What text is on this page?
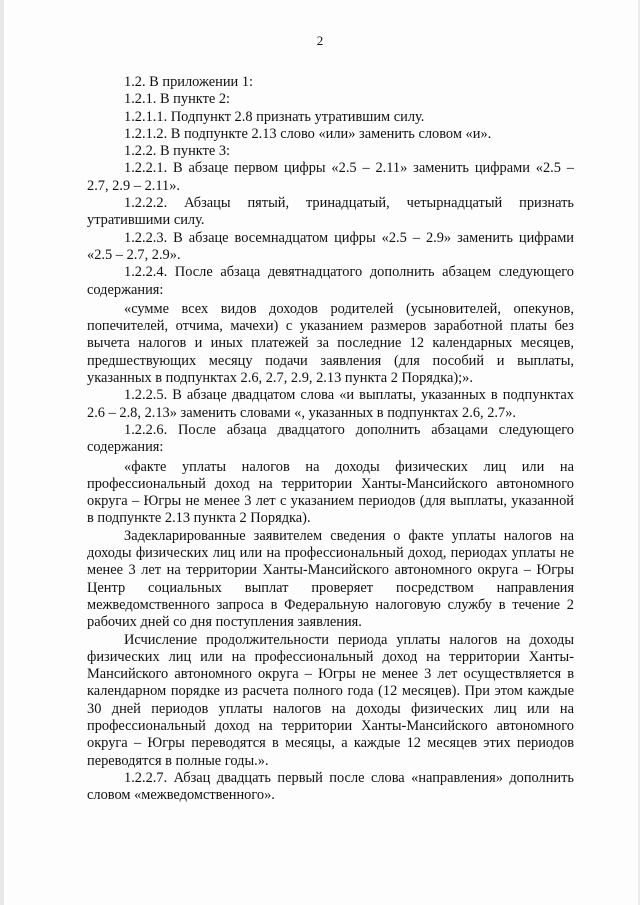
2

1.2. В приложении 1:

1.2.1. В пункте 2:

1.2.1.1. Подпункт 2.8 признать утратившим силу.

1.2.1.2. В подпункте 2.13 слово «или» заменить словом «и».

1.2.2. В пункте 3:

1.2.2.1. В абзаце первом цифры «2.5 – 2.11» заменить цифрами «2.5 – 2.7, 2.9 – 2.11».

1.2.2.2. Абзацы пятый, тринадцатый, четырнадцатый признать утратившими силу.

1.2.2.3. В абзаце восемнадцатом цифры «2.5 – 2.9» заменить цифрами «2.5 – 2.7, 2.9».

1.2.2.4. После абзаца девятнадцатого дополнить абзацем следующего содержания:

«сумме всех видов доходов родителей (усыновителей, опекунов, попечителей, отчима, мачехи) с указанием размеров заработной платы без вычета налогов и иных платежей за последние 12 календарных месяцев, предшествующих месяцу подачи заявления (для пособий и выплаты, указанных в подпунктах 2.6, 2.7, 2.9, 2.13 пункта 2 Порядка);».

1.2.2.5. В абзаце двадцатом слова «и выплаты, указанных в подпунктах 2.6 – 2.8, 2.13» заменить словами «, указанных в подпунктах 2.6, 2.7».

1.2.2.6. После абзаца двадцатого дополнить абзацами следующего содержания:

«факте уплаты налогов на доходы физических лиц или на профессиональный доход на территории Ханты-Мансийского автономного округа – Югры не менее 3 лет с указанием периодов (для выплаты, указанной в подпункте 2.13 пункта 2 Порядка).

Задекларированные заявителем сведения о факте уплаты налогов на доходы физических лиц или на профессиональный доход, периодах уплаты не менее 3 лет на территории Ханты-Мансийского автономного округа – Югры Центр социальных выплат проверяет посредством направления межведомственного запроса в Федеральную налоговую службу в течение 2 рабочих дней со дня поступления заявления.

Исчисление продолжительности периода уплаты налогов на доходы физических лиц или на профессиональный доход на территории Ханты-Мансийского автономного округа – Югры не менее 3 лет осуществляется в календарном порядке из расчета полного года (12 месяцев). При этом каждые 30 дней периодов уплаты налогов на доходы физических лиц или на профессиональный доход на территории Ханты-Мансийского автономного округа – Югры переводятся в месяцы, а каждые 12 месяцев этих периодов переводятся в полные годы.».

1.2.2.7. Абзац двадцать первый после слова «направления» дополнить словом «межведомственного».
